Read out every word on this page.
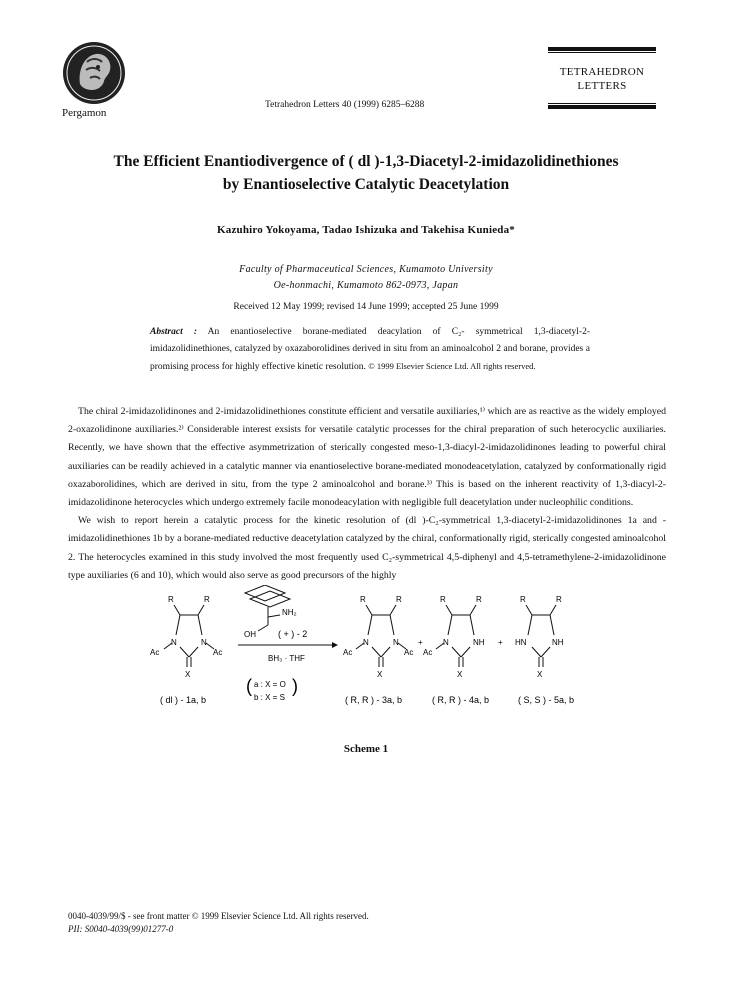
Pergamon
Tetrahedron Letters 40 (1999) 6285–6288
TETRAHEDRON
LETTERS
The Efficient Enantiodivergence of ( dl )-1,3-Diacetyl-2-imidazolidinethiones
by Enantioselective Catalytic Deacetylation
Kazuhiro Yokoyama, Tadao Ishizuka and Takehisa Kunieda*
Faculty of Pharmaceutical Sciences, Kumamoto University
Oe-honmachi, Kumamoto 862-0973, Japan
Received 12 May 1999; revised 14 June 1999; accepted 25 June 1999
Abstract : An enantioselective borane-mediated deacylation of C₂- symmetrical 1,3-diacetyl-2-imidazolidinethiones, catalyzed by oxazaborolidines derived in situ from an aminoalcohol 2 and borane, provides a promising process for highly effective kinetic resolution. © 1999 Elsevier Science Ltd. All rights reserved.

The chiral 2-imidazolidinones and 2-imidazolidinethiones constitute efficient and versatile auxiliaries,¹⁾ which are as reactive as the widely employed 2-oxazolidinone auxiliaries.²⁾ Considerable interest exsists for versatile catalytic processes for the chiral preparation of such heterocyclic auxiliaries. Recently, we have shown that the effective asymmetrization of sterically congested meso-1,3-diacyl-2-imidazolidinones leading to powerful chiral auxiliaries can be readily achieved in a catalytic manner via enantioselective borane-mediated monodeacetylation, catalyzed by conformationally rigid oxazaborolidines, which are derived in situ, from the type 2 aminoalcohol and borane.³⁾ This is based on the inherent reactivity of 1,3-diacyl-2-imidazolidinone heterocycles which undergo extremely facile monodeacylation with negligible full deacetylation under nucleophilic conditions.

We wish to report herein a catalytic process for the kinetic resolution of (dl )-C₂-symmetrical 1,3-diacetyl-2-imidazolidinones 1a and -imidazolidinethiones 1b by a borane-mediated reductive deacetylation catalyzed by the chiral, conformationally rigid, sterically congested aminoalcohol 2. The heterocycles examined in this study involved the most frequently used C₂-symmetrical 4,5-diphenyl and 4,5-tetramethylene-2-imidazolidinone type auxiliaries (6 and 10), which would also serve as good precursors of the highly

R	R
N	N
Ac	Ac
X
( dl ) - 1a, b
NH₂
OH ( + ) - 2
BH₃ · THF
( a : X = O
b : X = S
)
R	R
N	N
Ac	Ac
X
+
( R, R ) - 3a, b
R	R
N	NH
Ac
X
+
( R, R ) - 4a, b
R	R
HN	NH
X
( S, S ) - 5a, b
Scheme 1
0040-4039/99/$ - see front matter © 1999 Elsevier Science Ltd. All rights reserved.
PII: S0040-4039(99)01277-0
